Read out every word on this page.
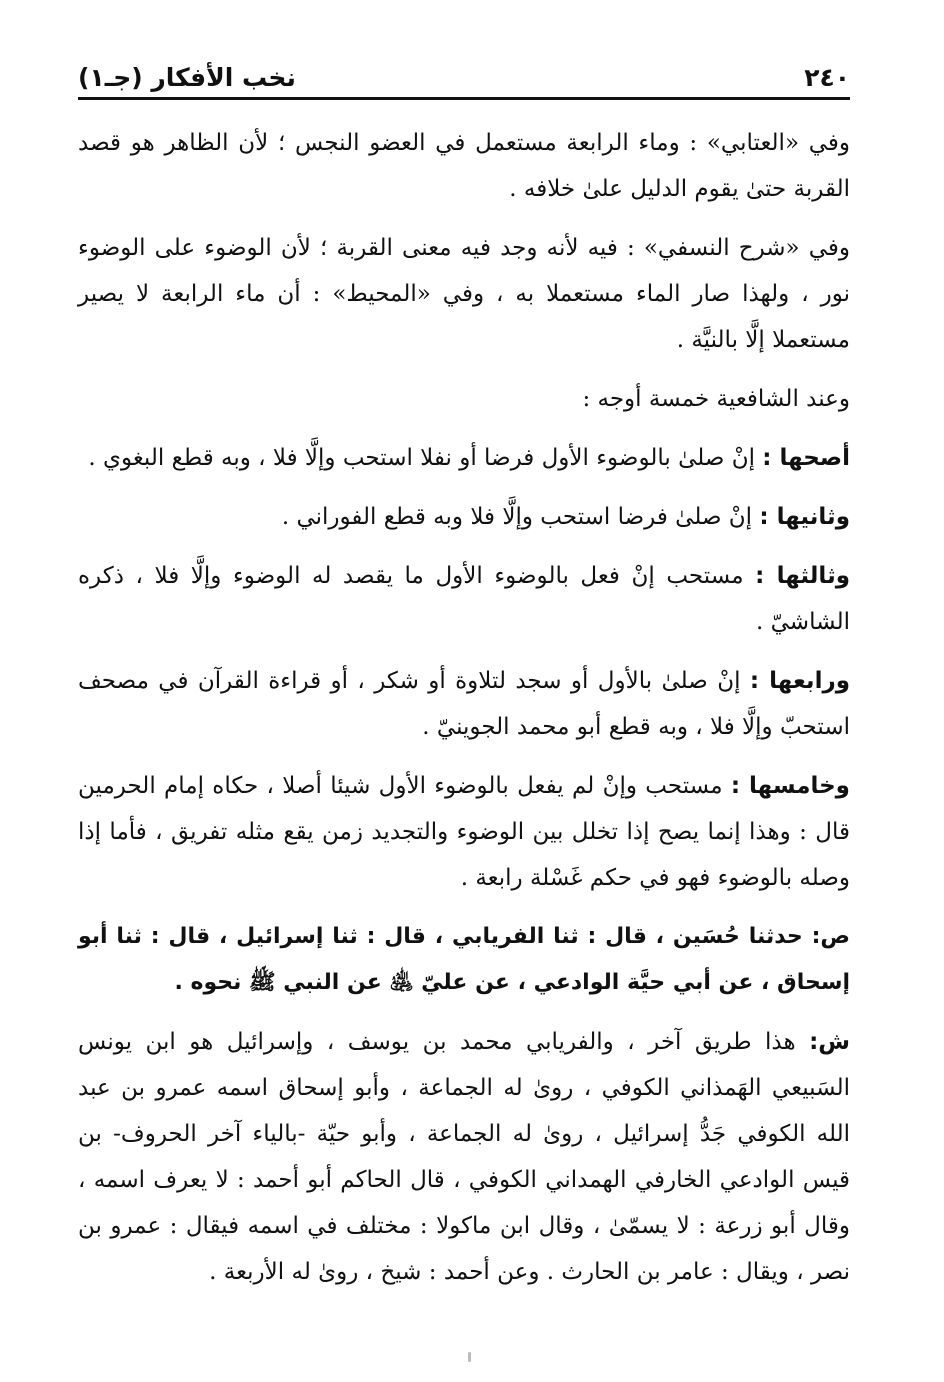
٢٤٠
نخب الأفكار (جـ١)

وفي «العتابي» : وماء الرابعة مستعمل في العضو النجس ؛ لأن الظاهر هو قصد القربة حتىٰ يقوم الدليل علىٰ خلافه .

وفي «شرح النسفي» : فيه لأنه وجد فيه معنى القربة ؛ لأن الوضوء على الوضوء نور ، ولهذا صار الماء مستعملا به ، وفي «المحيط» : أن ماء الرابعة لا يصير مستعملا إلَّا بالنيَّة .

وعند الشافعية خمسة أوجه :

أصحها : إنْ صلىٰ بالوضوء الأول فرضا أو نفلا استحب وإلَّا فلا ، وبه قطع البغوي .

وثانيها : إنْ صلىٰ فرضا استحب وإلَّا فلا وبه قطع الفوراني .

وثالثها : مستحب إنْ فعل بالوضوء الأول ما يقصد له الوضوء وإلَّا فلا ، ذكره الشاشيّ .

ورابعها : إنْ صلىٰ بالأول أو سجد لتلاوة أو شكر ، أو قراءة القرآن في مصحف استحبّ وإلَّا فلا ، وبه قطع أبو محمد الجوينيّ .

وخامسها : مستحب وإنْ لم يفعل بالوضوء الأول شيئا أصلا ، حكاه إمام الحرمين قال : وهذا إنما يصح إذا تخلل بين الوضوء والتجديد زمن يقع مثله تفريق ، فأما إذا وصله بالوضوء فهو في حكم غَسْلة رابعة .

ص: حدثنا حُسَين ، قال : ثنا الفريابي ، قال : ثنا إسرائيل ، قال : ثنا أبو إسحاق ، عن أبي حيَّة الوادعي ، عن عليّ ﵁ عن النبي ﷺ نحوه .

ش: هذا طريق آخر ، والفريابي محمد بن يوسف ، وإسرائيل هو ابن يونس السَبيعي الهَمذاني الكوفي ، روىٰ له الجماعة ، وأبو إسحاق اسمه عمرو بن عبد الله الكوفي جَدُّ إسرائيل ، روىٰ له الجماعة ، وأبو حيّة -بالياء آخر الحروف- بن قيس الوادعي الخارفي الهمداني الكوفي ، قال الحاكم أبو أحمد : لا يعرف اسمه ، وقال أبو زرعة : لا يسمّىٰ ، وقال ابن ماكولا : مختلف في اسمه فيقال : عمرو بن نصر ، ويقال : عامر بن الحارث . وعن أحمد : شيخ ، روىٰ له الأربعة .
